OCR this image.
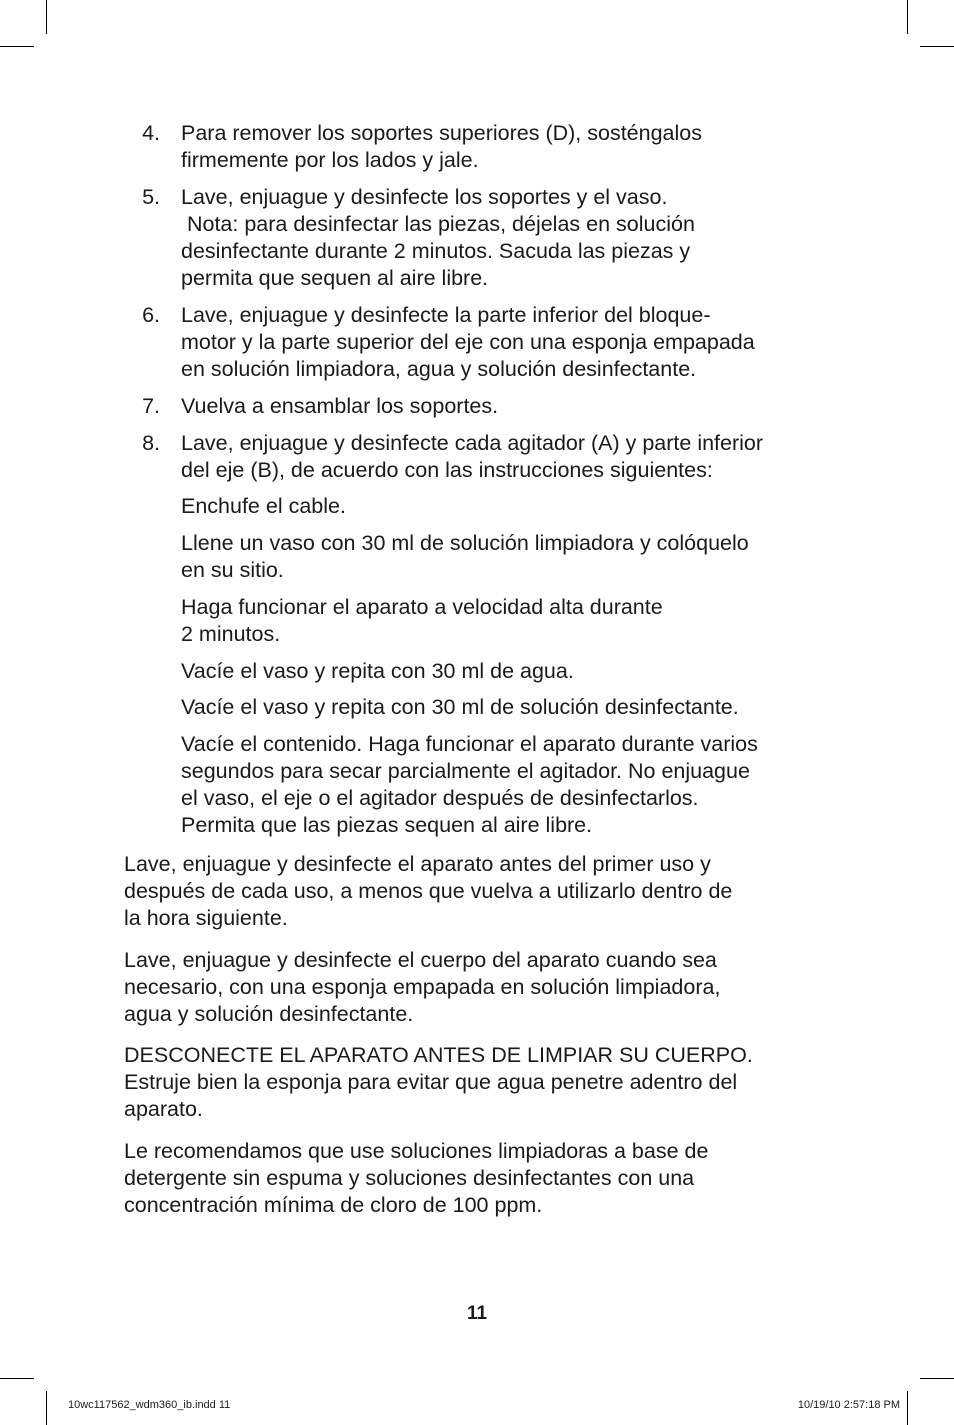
4. Para remover los soportes superiores (D), sosténgalos
firmemente por los lados y jale.
5. Lave, enjuague y desinfecte los soportes y el vaso.
Nota: para desinfectar las piezas, déjelas en solución
desinfectante durante 2 minutos. Sacuda las piezas y
permita que sequen al aire libre.
6. Lave, enjuague y desinfecte la parte inferior del bloque-
motor y la parte superior del eje con una esponja empapada
en solución limpiadora, agua y solución desinfectante.
7. Vuelva a ensamblar los soportes.
8. Lave, enjuague y desinfecte cada agitador (A) y parte inferior
del eje (B), de acuerdo con las instrucciones siguientes:
Enchufe el cable.
Llene un vaso con 30 ml de solución limpiadora y colóquelo
en su sitio.
Haga funcionar el aparato a velocidad alta durante
2 minutos.
Vacíe el vaso y repita con 30 ml de agua.
Vacíe el vaso y repita con 30 ml de solución desinfectante.
Vacíe el contenido. Haga funcionar el aparato durante varios
segundos para secar parcialmente el agitador. No enjuague
el vaso, el eje o el agitador después de desinfectarlos.
Permita que las piezas sequen al aire libre.
Lave, enjuague y desinfecte el aparato antes del primer uso y
después de cada uso, a menos que vuelva a utilizarlo dentro de
la hora siguiente.
Lave, enjuague y desinfecte el cuerpo del aparato cuando sea
necesario, con una esponja empapada en solución limpiadora,
agua y solución desinfectante.
DESCONECTE EL APARATO ANTES DE LIMPIAR SU CUERPO.
Estruje bien la esponja para evitar que agua penetre adentro del
aparato.
Le recomendamos que use soluciones limpiadoras a base de
detergente sin espuma y soluciones desinfectantes con una
concentración mínima de cloro de 100 ppm.
11
10wc117562_wdm360_ib.indd 11	10/19/10 2:57:18 PM
